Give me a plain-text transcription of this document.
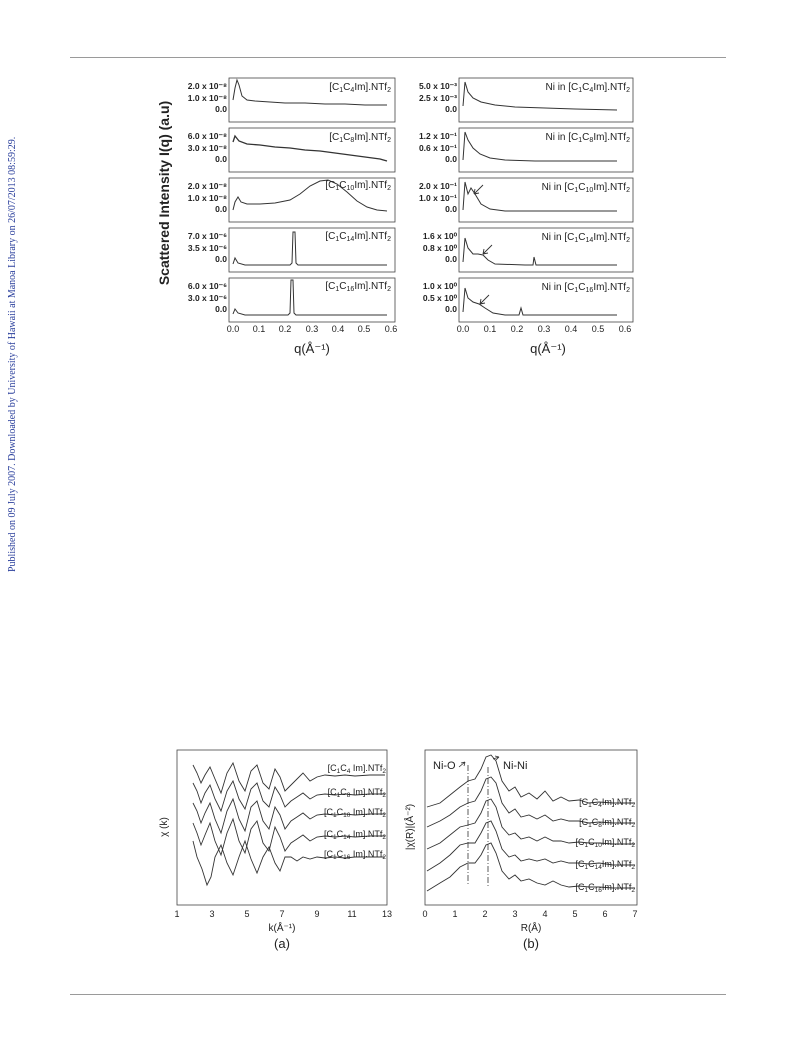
Published on 09 July 2007. Downloaded by University of Hawaii at Manoa Library on 26/07/2013 08:59:29.	Scattered Intensity I(q) (a.u)
2.0 x 10⁻⁸
1.0 x 10⁻⁸
0.0
$[C_1C_4Im].NTf_2$
6.0 x 10⁻⁸
3.0 x 10⁻⁸
0.0
$[C_1C_8Im].NTf_2$
2.0 x 10⁻⁸
1.0 x 10⁻⁸
0.0
$[C_1C_{10}Im].NTf_2$
7.0 x 10⁻⁶
3.5 x 10⁻⁶
0.0
$[C_1C_{14}Im].NTf_2$
6.0 x 10⁻⁶
3.0 x 10⁻⁶
0.0
$[C_1C_{16}Im].NTf_2$
0.0 0.1 0.2 0.3 0.4 0.5 0.6
q(Å⁻¹)
5.0 x 10⁻³
2.5 x 10⁻³
0.0
Ni in $[C_1C_4Im].NTf_2$
1.2 x 10⁻¹
0.6 x 10⁻¹
0.0
Ni in $[C_1C_8Im].NTf_2$
2.0 x 10⁻¹
1.0 x 10⁻¹
0.0
Ni in $[C_1C_{10}Im].NTf_2$
1.6 x 10⁰
0.8 x 10⁰
0.0
Ni in $[C_1C_{14}Im].NTf_2$
1.0 x 10⁰
0.5 x 10⁰
0.0
Ni in $[C_1C_{16}Im].NTf_2$
0.0 0.1 0.2 0.3 0.4 0.5 0.6
q(Å⁻¹)
χ (k)
[$C_1C_4$ Im].NTf$_2$
[$C_1C_8$ Im].NTf$_2$
[$C_1C_{10}$ Im].NTf$_2$
[$C_1C_{14}$ Im].NTf$_2$
[$C_1C_{16}$ Im].NTf$_2$
1	3	5	7	9	11	13
k(Å⁻¹)
(a)
|χ(R)|(Å⁻²)
Ni-O	Ni-Ni
$[C_1C_4Im].NTf_2$
$[C_1C_8Im].NTf_2$
$[C_1C_{10}Im].NTf_2$
$[C_1C_{14}Im].NTf_2$
$[C_1C_{16}Im].NTf_2$
0	1	2	3	4	5	6	7
R(Å)
(b)
